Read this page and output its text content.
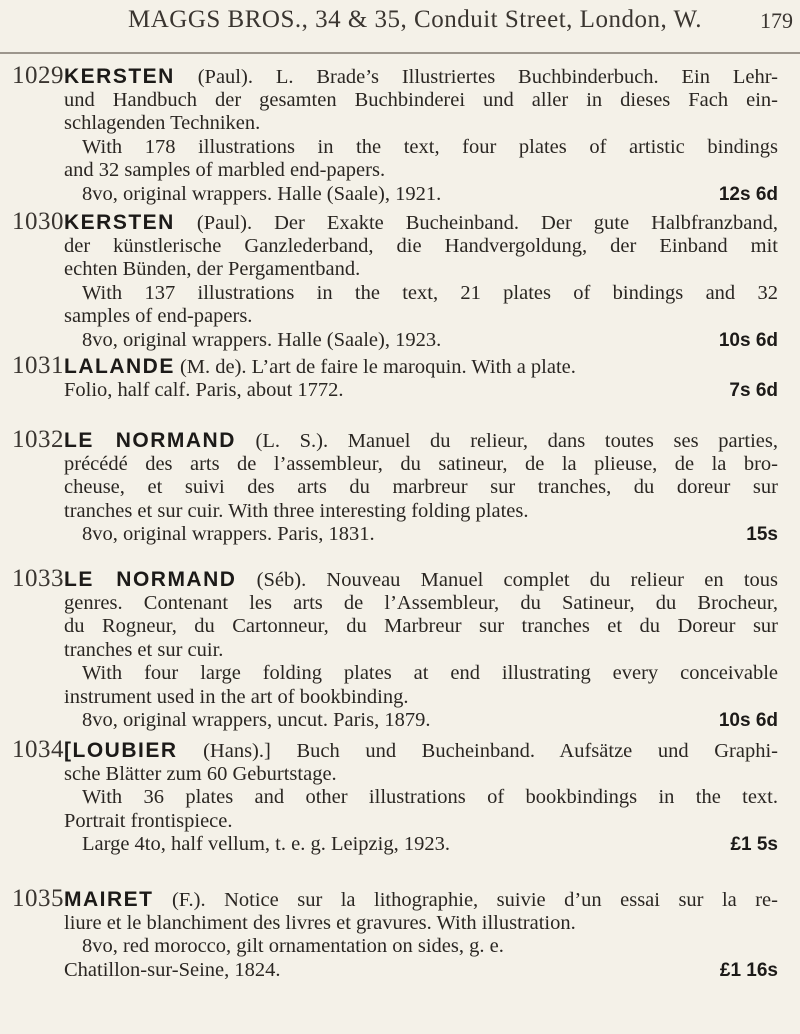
MAGGS BROS., 34 & 35, Conduit Street, London, W.	179
1029 KERSTEN (Paul). L. Brade’s Illustriertes Buchbinderbuch. Ein Lehr-
und Handbuch der gesamten Buchbinderei und aller in dieses Fach ein-
schlagenden Techniken.
With 178 illustrations in the text, four plates of artistic bindings
and 32 samples of marbled end-papers.
8vo, original wrappers. Halle (Saale), 1921.	12s 6d
1030 KERSTEN (Paul). Der Exakte Bucheinband. Der gute Halbfranzband,
der künstlerische Ganzlederband, die Handvergoldung, der Einband mit
echten Bünden, der Pergamentband.
With 137 illustrations in the text, 21 plates of bindings and 32
samples of end-papers.
8vo, original wrappers. Halle (Saale), 1923.	10s 6d
1031 LALANDE (M. de). L’art de faire le maroquin. With a plate.
Folio, half calf. Paris, about 1772.	7s 6d
1032 LE NORMAND (L. S.). Manuel du relieur, dans toutes ses parties,
précédé des arts de l’assembleur, du satineur, de la plieuse, de la bro-
cheuse, et suivi des arts du marbreur sur tranches, du doreur sur
tranches et sur cuir. With three interesting folding plates.
8vo, original wrappers. Paris, 1831.	15s
1033 LE NORMAND (Séb). Nouveau Manuel complet du relieur en tous
genres. Contenant les arts de l’Assembleur, du Satineur, du Brocheur,
du Rogneur, du Cartonneur, du Marbreur sur tranches et du Doreur sur
tranches et sur cuir.
With four large folding plates at end illustrating every conceivable
instrument used in the art of bookbinding.
8vo, original wrappers, uncut. Paris, 1879.	10s 6d
1034 [LOUBIER (Hans).] Buch und Bucheinband. Aufsätze und Graphi-
sche Blätter zum 60 Geburtstage.
With 36 plates and other illustrations of bookbindings in the text.
Portrait frontispiece.
Large 4to, half vellum, t. e. g. Leipzig, 1923.	£1 5s
1035 MAIRET (F.). Notice sur la lithographie, suivie d’un essai sur la re-
liure et le blanchiment des livres et gravures. With illustration.
8vo, red morocco, gilt ornamentation on sides, g. e.
Chatillon-sur-Seine, 1824.	£1 16s
